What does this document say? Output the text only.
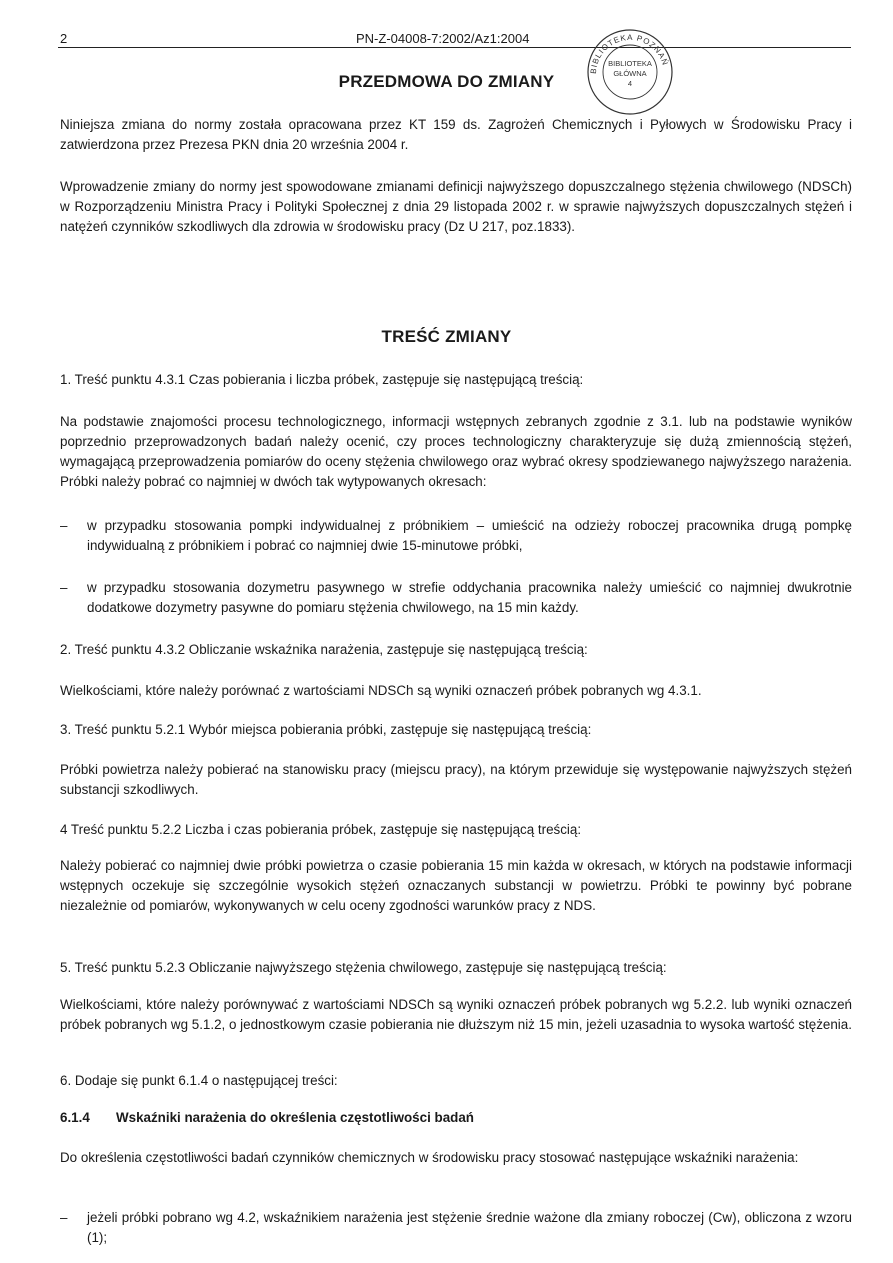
2	PN-Z-04008-7:2002/Az1:2004
BIBLIOTEKA POZNAŃ
BIBLIOTEKA
GŁÓWNA
4
PRZEDMOWA DO ZMIANY
Niniejsza zmiana do normy została opracowana przez KT 159 ds. Zagrożeń Chemicznych i Pyłowych w Środowisku Pracy i zatwierdzona przez Prezesa PKN dnia 20 września 2004 r.
Wprowadzenie zmiany do normy jest spowodowane zmianami definicji najwyższego dopuszczalnego stężenia chwilowego (NDSCh) w Rozporządzeniu Ministra Pracy i Polityki Społecznej z dnia 29 listopada 2002 r. w sprawie najwyższych dopuszczalnych stężeń i natężeń czynników szkodliwych dla zdrowia w środowisku pracy (Dz U 217, poz.1833).
TREŚĆ ZMIANY
1. Treść punktu 4.3.1 Czas pobierania i liczba próbek, zastępuje się następującą treścią:
Na podstawie znajomości procesu technologicznego, informacji wstępnych zebranych zgodnie z 3.1. lub na podstawie wyników poprzednio przeprowadzonych badań należy ocenić, czy proces technologiczny charakteryzuje się dużą zmiennością stężeń, wymagającą przeprowadzenia pomiarów do oceny stężenia chwilowego oraz wybrać okresy spodziewanego najwyższego narażenia. Próbki należy pobrać co najmniej w dwóch tak wytypowanych okresach:
–	w przypadku stosowania pompki indywidualnej z próbnikiem – umieścić na odzieży roboczej pracownika drugą pompkę indywidualną z próbnikiem i pobrać co najmniej dwie 15-minutowe próbki,
–	w przypadku stosowania dozymetru pasywnego w strefie oddychania pracownika należy umieścić co najmniej dwukrotnie dodatkowe dozymetry pasywne do pomiaru stężenia chwilowego, na 15 min każdy.
2. Treść punktu 4.3.2 Obliczanie wskaźnika narażenia, zastępuje się następującą treścią:
Wielkościami, które należy porównać z wartościami NDSCh są wyniki oznaczeń próbek pobranych wg 4.3.1.
3. Treść punktu 5.2.1 Wybór miejsca pobierania próbki, zastępuje się następującą treścią:
Próbki powietrza należy pobierać na stanowisku pracy (miejscu pracy), na którym przewiduje się występowanie najwyższych stężeń substancji szkodliwych.
4 Treść punktu 5.2.2 Liczba i czas pobierania próbek, zastępuje się następującą treścią:
Należy pobierać co najmniej dwie próbki powietrza o czasie pobierania 15 min każda w okresach, w których na podstawie informacji wstępnych oczekuje się szczególnie wysokich stężeń oznaczanych substancji w powietrzu. Próbki te powinny być pobrane niezależnie od pomiarów, wykonywanych w celu oceny zgodności warunków pracy z NDS.
5. Treść punktu 5.2.3 Obliczanie najwyższego stężenia chwilowego, zastępuje się następującą treścią:
Wielkościami, które należy porównywać z wartościami NDSCh są wyniki oznaczeń próbek pobranych wg 5.2.2. lub wyniki oznaczeń próbek pobranych wg 5.1.2, o jednostkowym czasie pobierania nie dłuższym niż 15 min, jeżeli uzasadnia to wysoka wartość stężenia.
6. Dodaje się punkt 6.1.4 o następującej treści:
6.1.4 Wskaźniki narażenia do określenia częstotliwości badań
Do określenia częstotliwości badań czynników chemicznych w środowisku pracy stosować następujące wskaźniki narażenia:
–	jeżeli próbki pobrano wg 4.2, wskaźnikiem narażenia jest stężenie średnie ważone dla zmiany roboczej (Cw), obliczona z wzoru (1);
